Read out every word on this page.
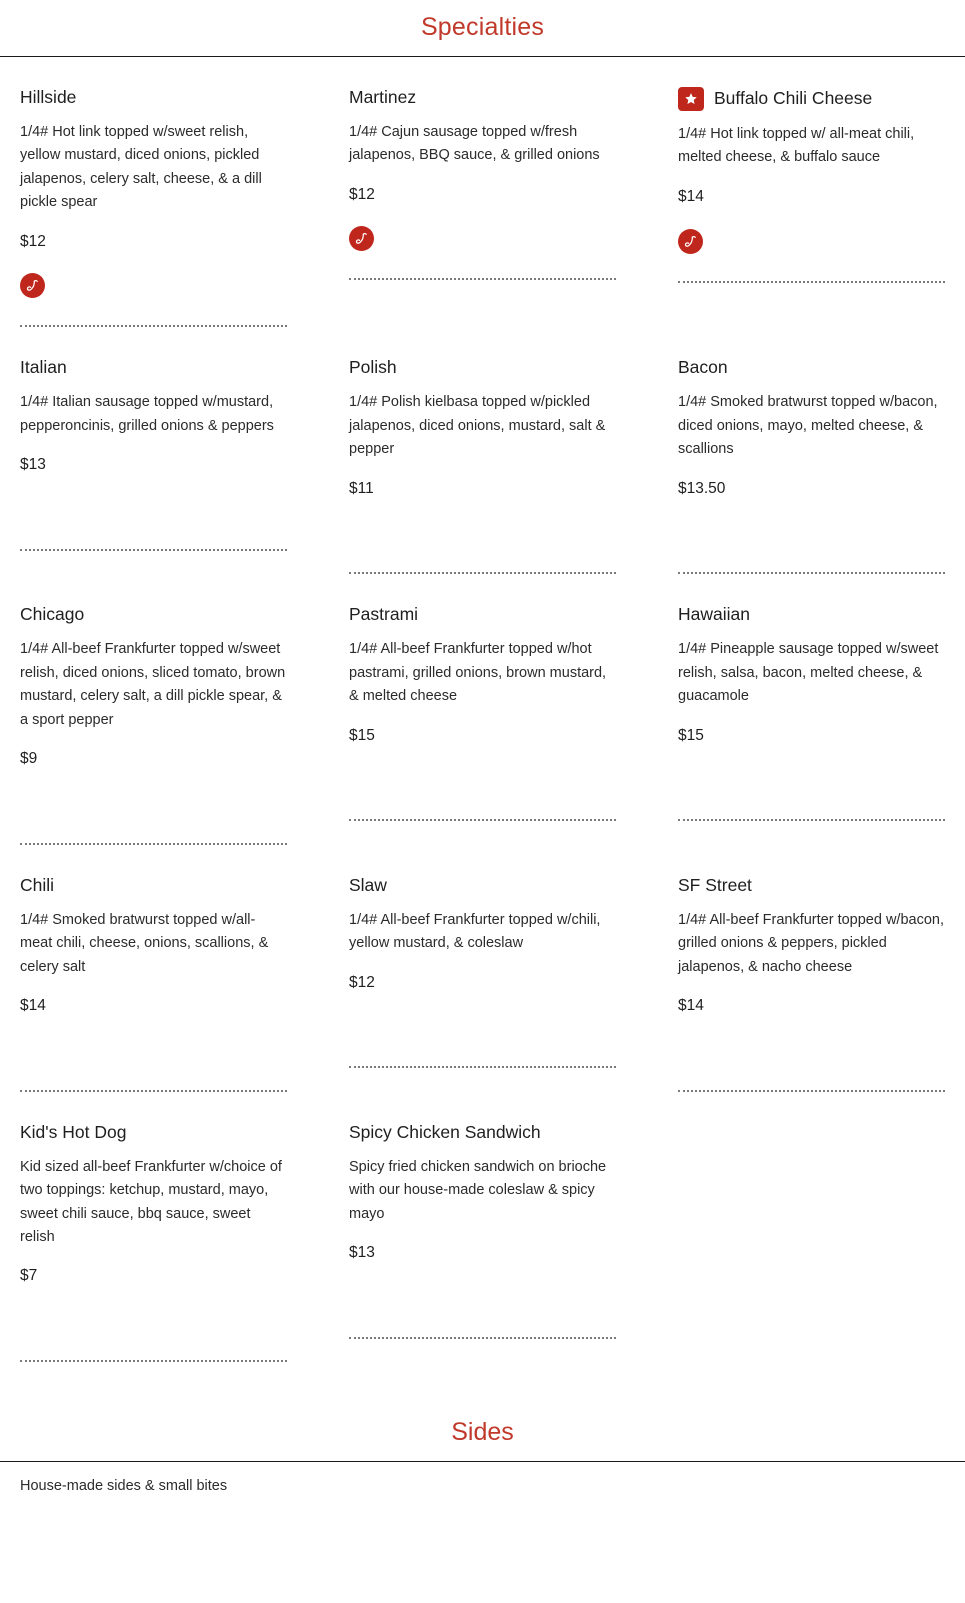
Specialties
Hillside

1/4# Hot link topped w/sweet relish, yellow mustard, diced onions, pickled jalapenos, celery salt, cheese, & a dill pickle spear

$12
Martinez

1/4# Cajun sausage topped w/fresh jalapenos, BBQ sauce, & grilled onions

$12
Buffalo Chili Cheese

1/4# Hot link topped w/ all-meat chili, melted cheese, & buffalo sauce

$14
Italian

1/4# Italian sausage topped w/mustard, pepperoncinis, grilled onions & peppers

$13
Polish

1/4# Polish kielbasa topped w/pickled jalapenos, diced onions, mustard, salt & pepper

$11
Bacon

1/4# Smoked bratwurst topped w/bacon, diced onions, mayo, melted cheese, & scallions

$13.50
Chicago

1/4# All-beef Frankfurter topped w/sweet relish, diced onions, sliced tomato, brown mustard, celery salt, a dill pickle spear, & a sport pepper

$9
Pastrami

1/4# All-beef Frankfurter topped w/hot pastrami, grilled onions, brown mustard, & melted cheese

$15
Hawaiian

1/4# Pineapple sausage topped w/sweet relish, salsa, bacon, melted cheese, & guacamole

$15
Chili

1/4# Smoked bratwurst topped w/all-meat chili, cheese, onions, scallions, & celery salt

$14
Slaw

1/4# All-beef Frankfurter topped w/chili, yellow mustard, & coleslaw

$12
SF Street

1/4# All-beef Frankfurter topped w/bacon, grilled onions & peppers, pickled jalapenos, & nacho cheese

$14
Kid's Hot Dog

Kid sized all-beef Frankfurter w/choice of two toppings: ketchup, mustard, mayo, sweet chili sauce, bbq sauce, sweet relish

$7
Spicy Chicken Sandwich

Spicy fried chicken sandwich on brioche with our house-made coleslaw & spicy mayo

$13
Sides
House-made sides & small bites
